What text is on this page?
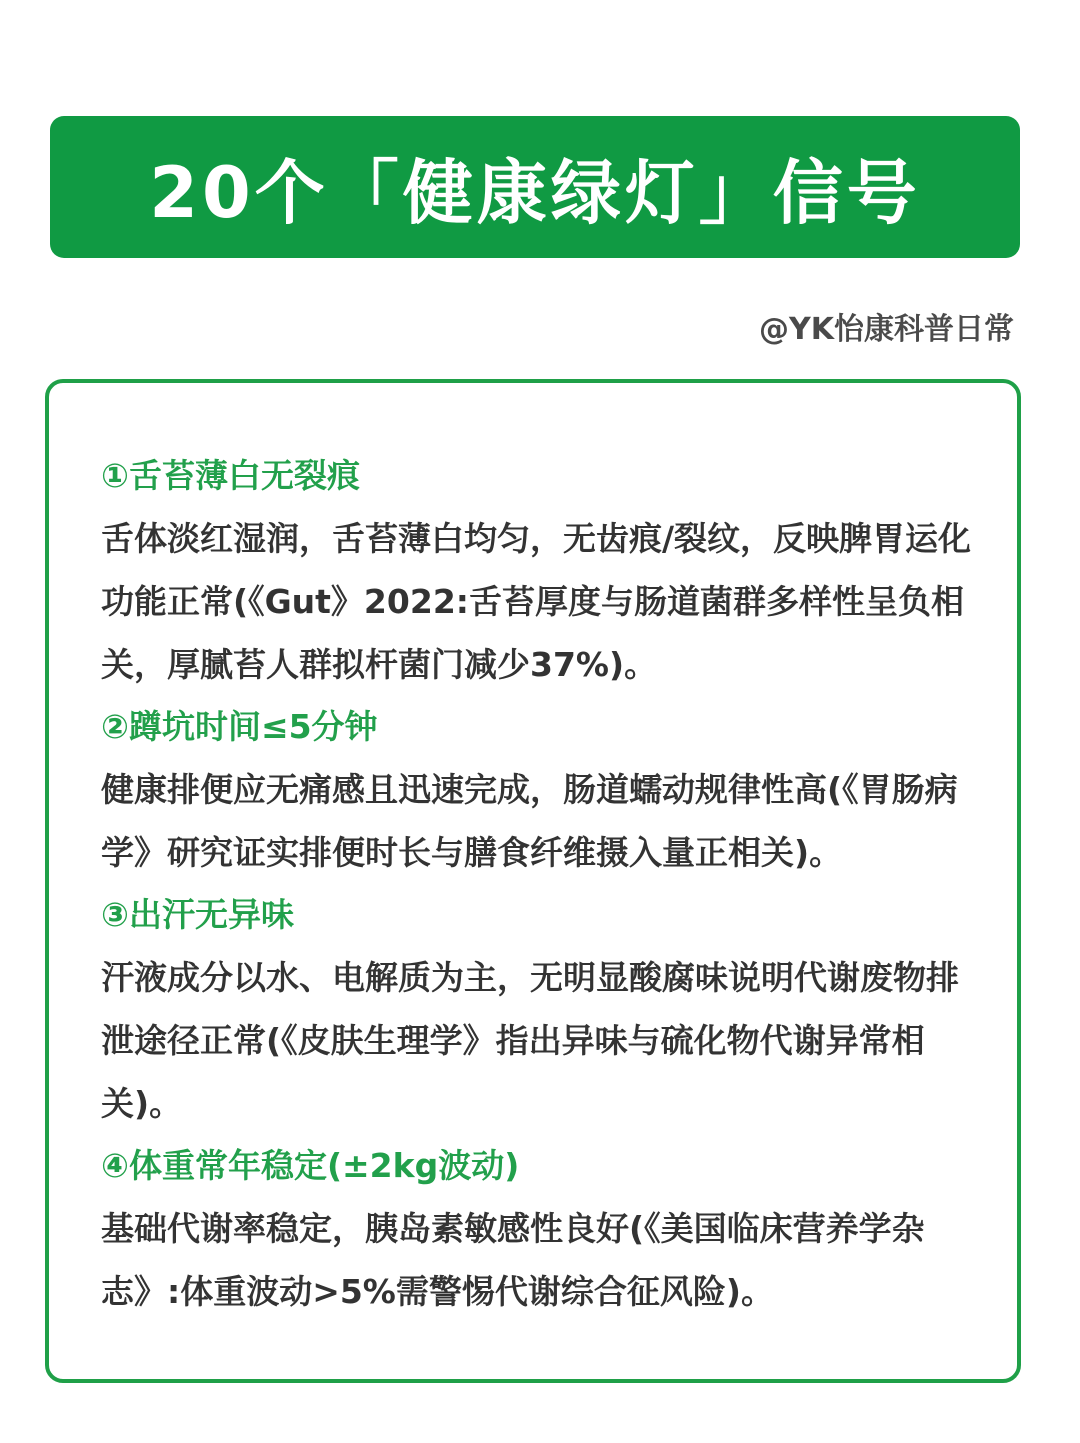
20个「健康绿灯」信号
@YK怡康科普日常
①舌苔薄白无裂痕
舌体淡红湿润，舌苔薄白均匀，无齿痕/裂纹，反映脾胃运化功能正常(《Gut》2022:舌苔厚度与肠道菌群多样性呈负相关，厚腻苔人群拟杆菌门减少37%)。
②蹲坑时间≤5分钟
健康排便应无痛感且迅速完成，肠道蠕动规律性高(《胃肠病学》研究证实排便时长与膳食纤维摄入量正相关)。
③出汗无异味
汗液成分以水、电解质为主，无明显酸腐味说明代谢废物排泄途径正常(《皮肤生理学》指出异味与硫化物代谢异常相关)。
④体重常年稳定(±2kg波动)
基础代谢率稳定，胰岛素敏感性良好(《美国临床营养学杂志》:体重波动>5%需警惕代谢综合征风险)。
